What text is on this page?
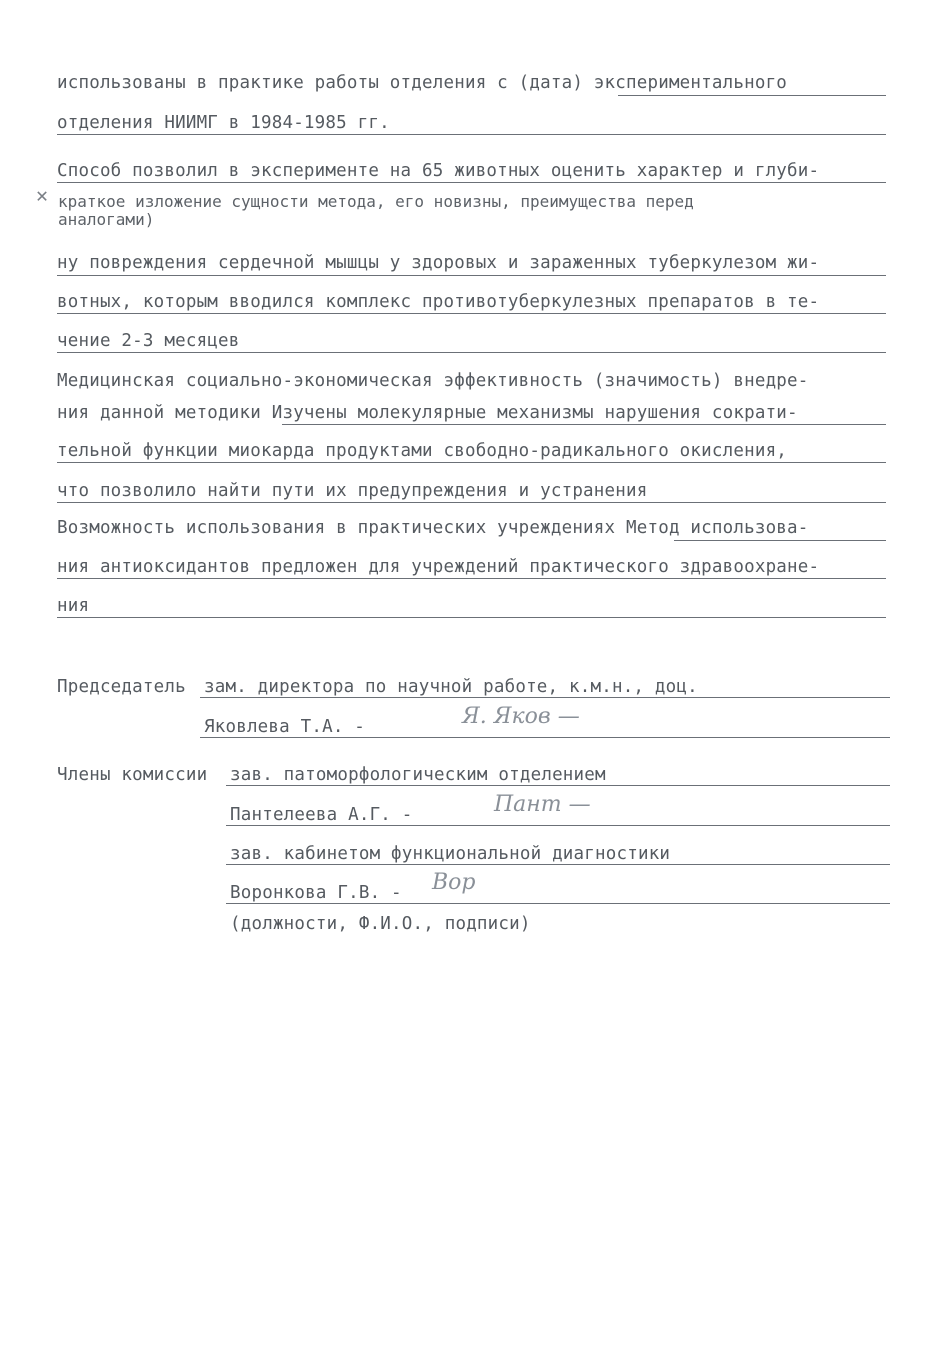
использованы в практике работы отделения с (дата) экспериментального
отделения НИИМГ в 1984-1985 гг.
Способ позволил в эксперименте на 65 животных оценить характер и глуби-
✕ краткое изложение сущности метода, его новизны, преимущества перед
аналогами)
ну повреждения сердечной мышцы у здоровых и зараженных туберкулезом жи-
вотных, которым вводился комплекс противотуберкулезных препаратов в те-
чение 2-3 месяцев
Медицинская социально-экономическая эффективность (значимость) внедре-
ния данной методики Изучены молекулярные механизмы нарушения сократи-
тельной функции миокарда продуктами свободно-радикального окисления,
что позволило найти пути их предупреждения и устранения
Возможность использования в практических учреждениях Метод использова-
ния антиоксидантов предложен для учреждений практического здравоохране-
ния
Председатель зам. директора по научной работе, к.м.н., доц.
Яковлева Т.А. -	Я. Яков —
Члены комиссии зав. патоморфологическим отделением
Пантелеева А.Г. -	Пант —
зав. кабинетом функциональной диагностики
Воронкова Г.В. - Вор
(должности, Ф.И.О., подписи)
